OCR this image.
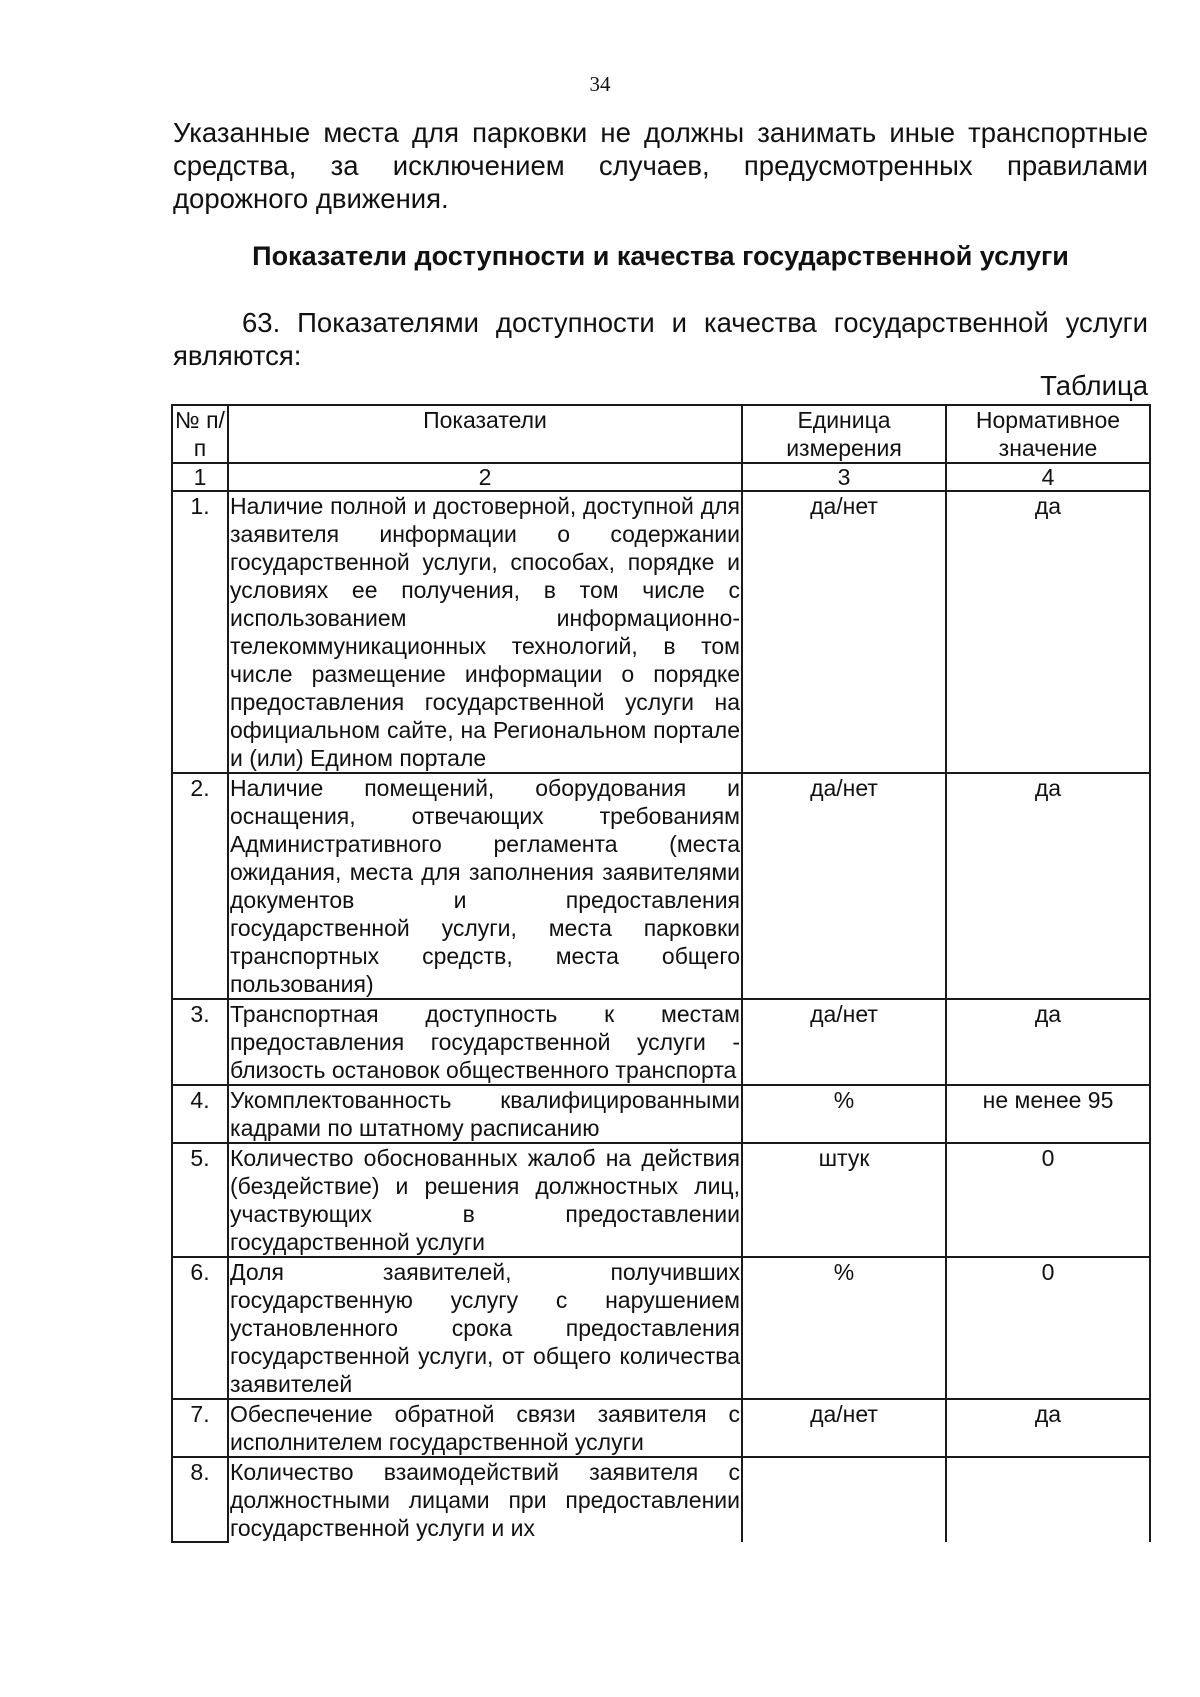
34

Указанные места для парковки не должны занимать иные транспортные средства, за исключением случаев, предусмотренных правилами дорожного движения.

Показатели доступности и качества государственной услуги

63. Показателями доступности и качества государственной услуги являются:

Таблица
№ п/п	Показатели	Единица измерения	Нормативное значение
1	2	3	4
1.	Наличие полной и достоверной, доступной для заявителя информации о содержании государственной услуги, способах, порядке и условиях ее получения, в том числе с использованием информационно-телекоммуникационных технологий, в том числе размещение информации о порядке предоставления государственной услуги на официальном сайте, на Региональном портале и (или) Едином портале	да/нет	да
2.	Наличие помещений, оборудования и оснащения, отвечающих требованиям Административного регламента (места ожидания, места для заполнения заявителями документов и предоставления государственной услуги, места парковки транспортных средств, места общего пользования)	да/нет	да
3.	Транспортная доступность к местам предоставления государственной услуги - близость остановок общественного транспорта	да/нет	да
4.	Укомплектованность квалифицированными кадрами по штатному расписанию	%	не менее 95
5.	Количество обоснованных жалоб на действия (бездействие) и решения должностных лиц, участвующих в предоставлении государственной услуги	штук	0
6.	Доля заявителей, получивших государственную услугу с нарушением установленного срока предоставления государственной услуги, от общего количества заявителей	%	0
7.	Обеспечение обратной связи заявителя с исполнителем государственной услуги	да/нет	да
8.	Количество взаимодействий заявителя с должностными лицами при предоставлении государственной услуги и их		
